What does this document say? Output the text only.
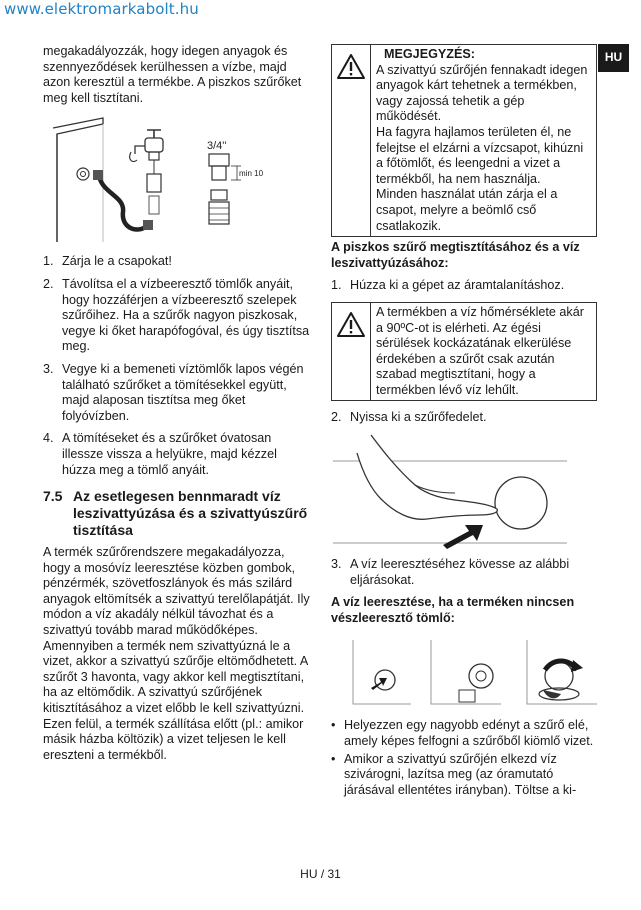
www.elektromarkabolt.hu
HU

megakadályozzák, hogy idegen anyagok és szennyeződések kerülhessen a vízbe, majd azon keresztül a termékbe. A piszkos szűrőket meg kell tisztítani.

3/4''
min 10
1. Zárja le a csapokat!
2. Távolítsa el a vízbeeresztő tömlők anyáit, hogy hozzáférjen a vízbeeresztő szelepek szűrőihez. Ha a szűrők nagyon piszkosak, vegye ki őket harapófogóval, és úgy tisztítsa meg.
3. Vegye ki a bemeneti víztömlők lapos végén található szűrőket a tömítésekkel együtt, majd alaposan tisztítsa meg őket folyóvízben.
4. A tömítéseket és a szűrőket óvatosan illessze vissza a helyükre, majd kézzel húzza meg a tömlő anyáit.
7.5 Az esetlegesen bennmaradt víz leszivattyúzása és a szivattyúszűrő tisztítása

A termék szűrőrendszere megakadályozza, hogy a mosóvíz leeresztése közben gombok, pénzérmék, szövetfoszlányok és más szilárd anyagok eltömítsék a szivattyú terelőlapátját. Ily módon a víz akadály nélkül távozhat és a szivattyú tovább marad működőképes.

Amennyiben a termék nem szivattyúzná le a vizet, akkor a szivattyú szűrője eltömődhetett. A szűrőt 3 havonta, vagy akkor kell megtisztítani, ha az eltömődik. A szivattyú szűrőjének kitisztításához a vizet előbb le kell szivattyúzni.

Ezen felül, a termék szállítása előtt (pl.: amikor másik házba költözik) a vizet teljesen le kell ereszteni a termékből.

MEGJEGYZÉS:

A szivattyú szűrőjén fennakadt idegen anyagok kárt tehetnek a termékben, vagy zajossá tehetik a gép működését.

Ha fagyra hajlamos területen él, ne felejtse el elzárni a vízcsapot, kihúzni a főtömlőt, és leengedni a vizet a termékből, ha nem használja.

Minden használat után zárja el a csapot, melyre a beömlő cső csatlakozik.

A piszkos szűrő megtisztításához és a víz leszivattyúzásához:

1. Húzza ki a gépet az áramtalanításhoz.

A termékben a víz hőmérséklete akár a 90ºC-ot is elérheti. Az égési sérülések kockázatának elkerülése érdekében a szűrőt csak azután szabad megtisztítani, hogy a termékben lévő víz lehűlt.

2. Nyissa ki a szűrőfedelet.
3. A víz leeresztéséhez kövesse az alábbi eljárásokat.

A víz leeresztése, ha a terméken nincsen vészleeresztő tömlő:

• Helyezzen egy nagyobb edényt a szűrő elé, amely képes felfogni a szűrőből kiömlő vizet.
• Amikor a szivattyú szűrőjén elkezd víz szivárogni, lazítsa meg (az óramutató járásával ellentétes irányban). Töltse a ki-
HU / 31
